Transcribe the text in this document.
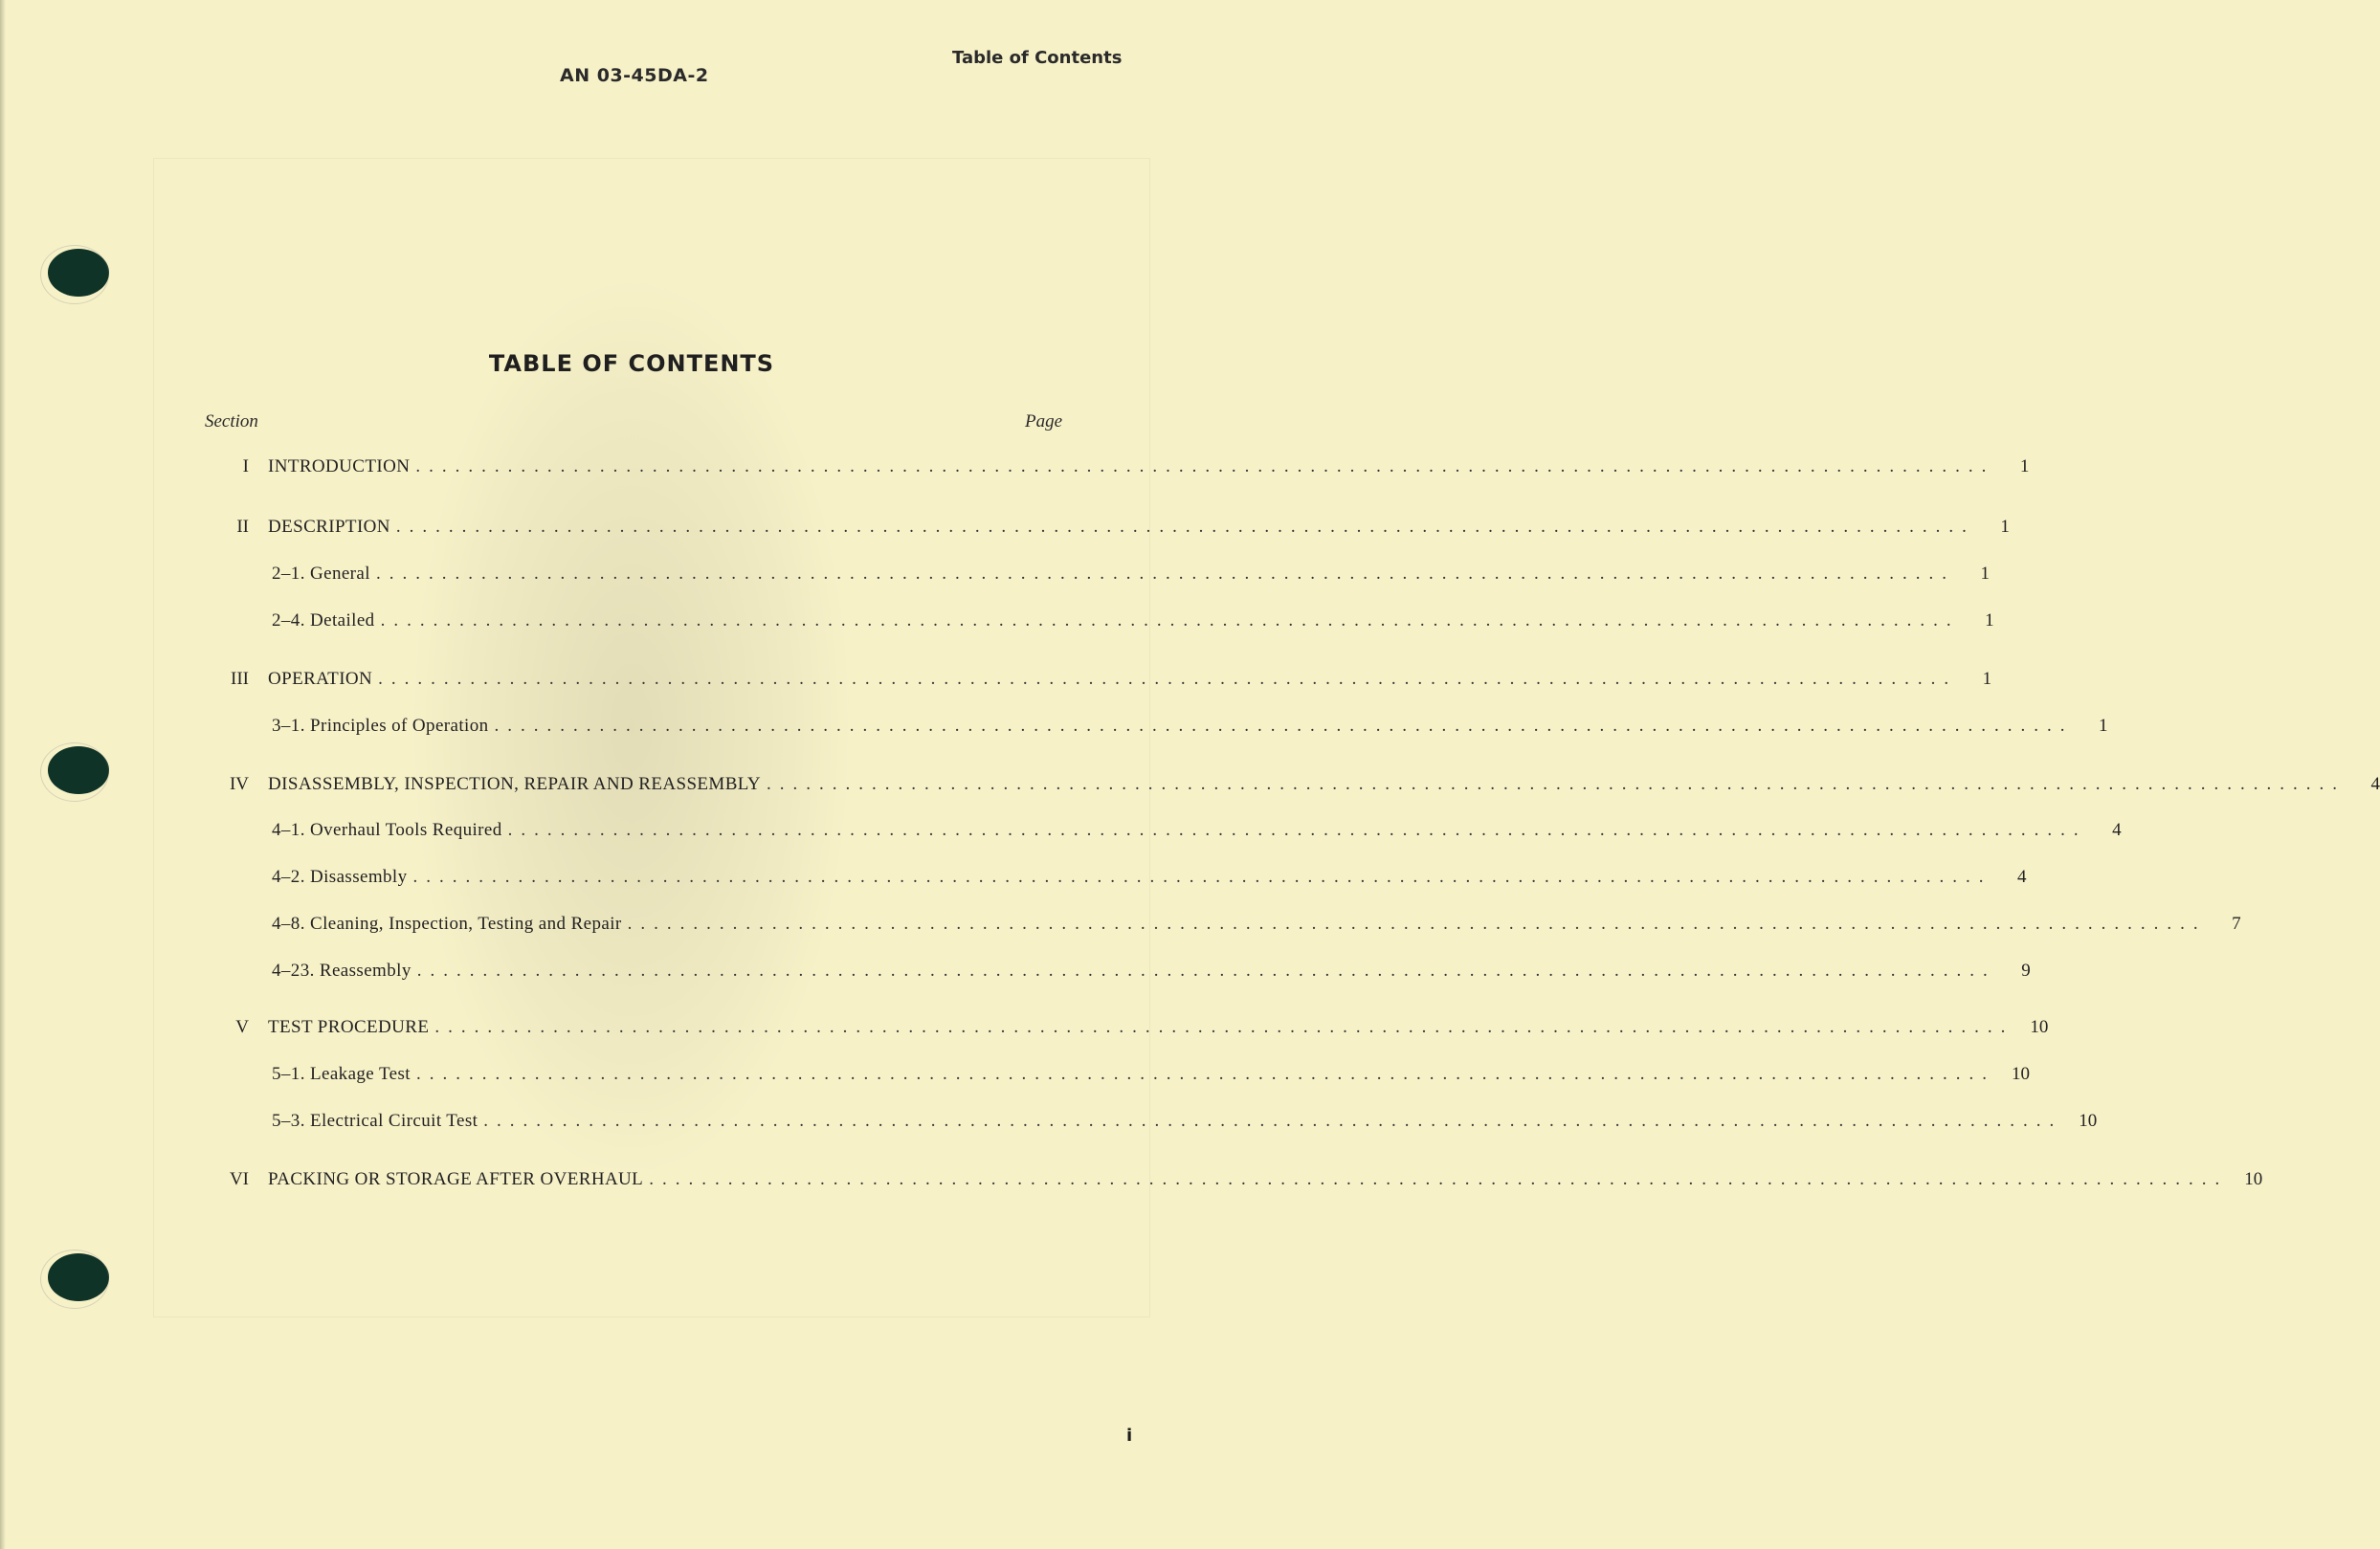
AN 03-45DA-2
Table of Contents
TABLE OF CONTENTS
Section	Page
I INTRODUCTION ........................................................................................................................	1
II DESCRIPTION ........................................................................................................................	1
2–1. General ........................................................................................................................	1
2–4. Detailed ........................................................................................................................	1
III OPERATION ........................................................................................................................	1
3–1. Principles of Operation ........................................................................................................................	1
IV DISASSEMBLY, INSPECTION, REPAIR AND REASSEMBLY ........................................................................................................................	4
4–1. Overhaul Tools Required ........................................................................................................................	4
4–2. Disassembly ........................................................................................................................	4
4–8. Cleaning, Inspection, Testing and Repair ........................................................................................................................	7
4–23. Reassembly ........................................................................................................................	9
V TEST PROCEDURE ........................................................................................................................ 10
5–1. Leakage Test ........................................................................................................................ 10
5–3. Electrical Circuit Test ........................................................................................................................ 10
VI PACKING OR STORAGE AFTER OVERHAUL ........................................................................................................................ 10
i
